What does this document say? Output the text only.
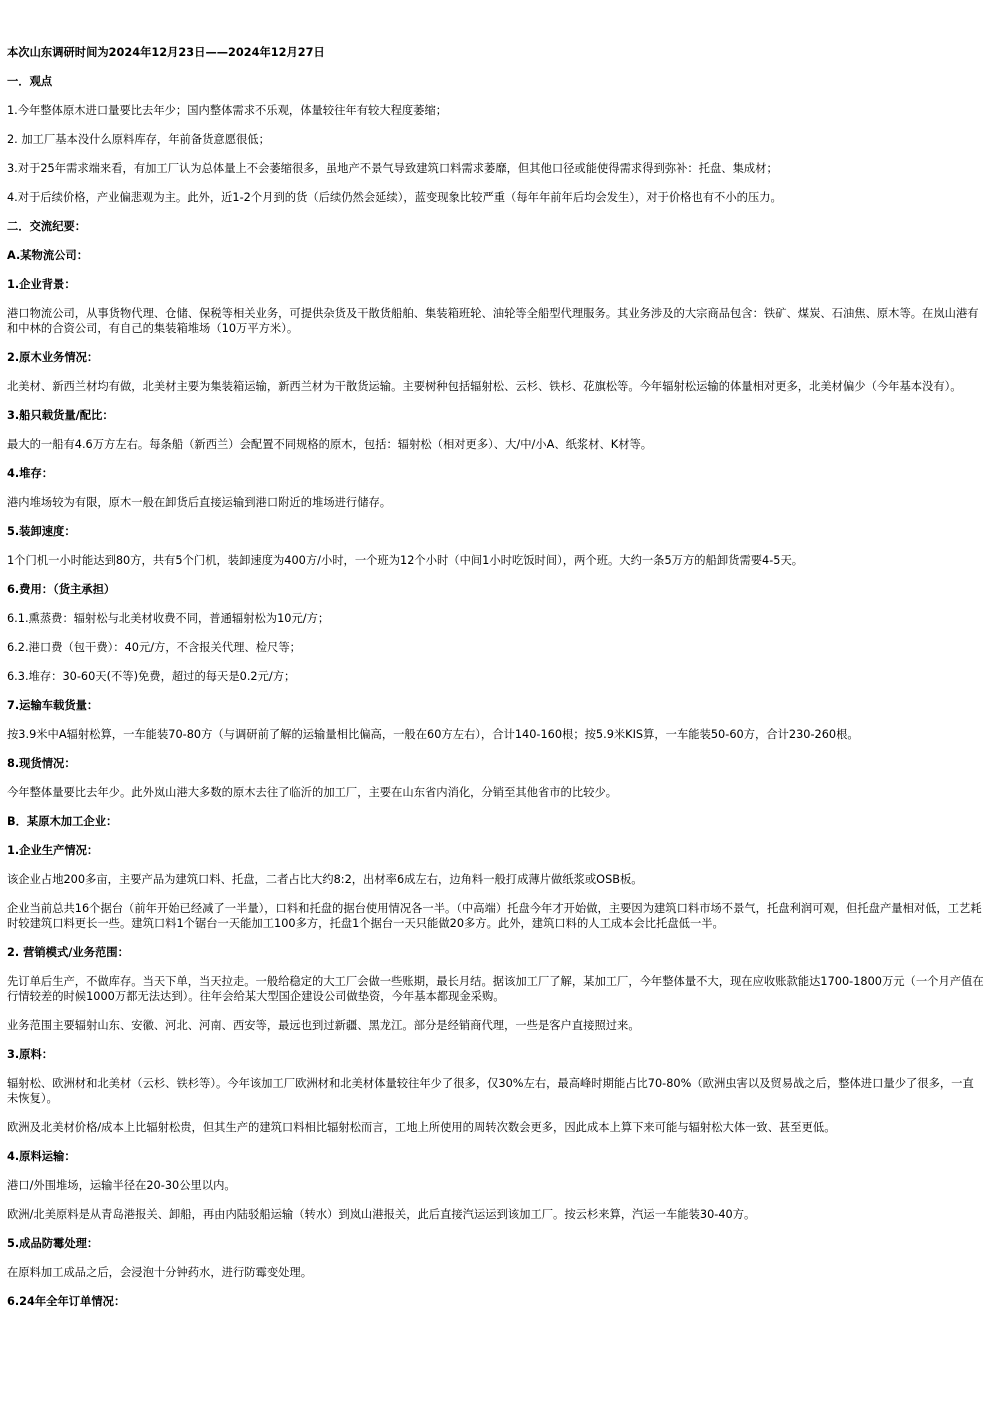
本次山东调研时间为2024年12月23日——2024年12月27日

一．观点

1.今年整体原木进口量要比去年少；国内整体需求不乐观，体量较往年有较大程度萎缩；

2. 加工厂基本没什么原料库存，年前备货意愿很低；

3.对于25年需求端来看，有加工厂认为总体量上不会萎缩很多，虽地产不景气导致建筑口料需求萎靡，但其他口径或能使得需求得到弥补：托盘、集成材；

4.对于后续价格，产业偏悲观为主。此外，近1-2个月到的货（后续仍然会延续），蓝变现象比较严重（每年年前年后均会发生），对于价格也有不小的压力。

二．交流纪要：

A.某物流公司：

1.企业背景：

港口物流公司，从事货物代理、仓储、保税等相关业务，可提供杂货及干散货船舶、集装箱班轮、油轮等全船型代理服务。其业务涉及的大宗商品包含：铁矿、煤炭、石油焦、原木等。在岚山港有和中林的合资公司，有自己的集装箱堆场（10万平方米）。

2.原木业务情况：

北美材、新西兰材均有做，北美材主要为集装箱运输，新西兰材为干散货运输。主要树种包括辐射松、云杉、铁杉、花旗松等。今年辐射松运输的体量相对更多，北美材偏少（今年基本没有）。

3.船只载货量/配比：

最大的一船有4.6万方左右。每条船（新西兰）会配置不同规格的原木，包括：辐射松（相对更多）、大/中/小A、纸浆材、K材等。

4.堆存：

港内堆场较为有限，原木一般在卸货后直接运输到港口附近的堆场进行储存。

5.装卸速度：

1个门机一小时能达到80方，共有5个门机，装卸速度为400方/小时，一个班为12个小时（中间1小时吃饭时间），两个班。大约一条5万方的船卸货需要4-5天。

6.费用：（货主承担）

6.1.熏蒸费：辐射松与北美材收费不同，普通辐射松为10元/方；

6.2.港口费（包干费）：40元/方，不含报关代理、检尺等；

6.3.堆存：30-60天(不等)免费，超过的每天是0.2元/方；

7.运输车载货量：

按3.9米中A辐射松算，一车能装70-80方（与调研前了解的运输量相比偏高，一般在60方左右），合计140-160根；按5.9米KIS算，一车能装50-60方，合计230-260根。

8.现货情况：

今年整体量要比去年少。此外岚山港大多数的原木去往了临沂的加工厂，主要在山东省内消化，分销至其他省市的比较少。

B．某原木加工企业：

1.企业生产情况：

该企业占地200多亩，主要产品为建筑口料、托盘，二者占比大约8:2，出材率6成左右，边角料一般打成薄片做纸浆或OSB板。

企业当前总共16个据台（前年开始已经减了一半量），口料和托盘的据台使用情况各一半。（中高端）托盘今年才开始做，主要因为建筑口料市场不景气，托盘利润可观，但托盘产量相对低，工艺耗时较建筑口料更长一些。建筑口料1个锯台一天能加工100多方，托盘1个据台一天只能做20多方。此外，建筑口料的人工成本会比托盘低一半。

2. 营销模式/业务范围：

先订单后生产，不做库存。当天下单，当天拉走。一般给稳定的大工厂会做一些账期，最长月结。据该加工厂了解，某加工厂，今年整体量不大，现在应收账款能达1700-1800万元（一个月产值在行情较差的时候1000万都无法达到）。往年会给某大型国企建设公司做垫资，今年基本都现金采购。

业务范围主要辐射山东、安徽、河北、河南、西安等，最远也到过新疆、黑龙江。部分是经销商代理，一些是客户直接照过来。

3.原料：

辐射松、欧洲材和北美材（云杉、铁杉等）。今年该加工厂欧洲材和北美材体量较往年少了很多，仅30%左右，最高峰时期能占比70-80%（欧洲虫害以及贸易战之后，整体进口量少了很多，一直未恢复）。

欧洲及北美材价格/成本上比辐射松贵，但其生产的建筑口料相比辐射松而言，工地上所使用的周转次数会更多，因此成本上算下来可能与辐射松大体一致、甚至更低。

4.原料运输：

港口/外围堆场，运输半径在20-30公里以内。

欧洲/北美原料是从青岛港报关、卸船，再由内陆驳船运输（转水）到岚山港报关，此后直接汽运运到该加工厂。按云杉来算，汽运一车能装30-40方。

5.成品防霉处理：

在原料加工成品之后，会浸泡十分钟药水，进行防霉变处理。

6.24年全年订单情况：
